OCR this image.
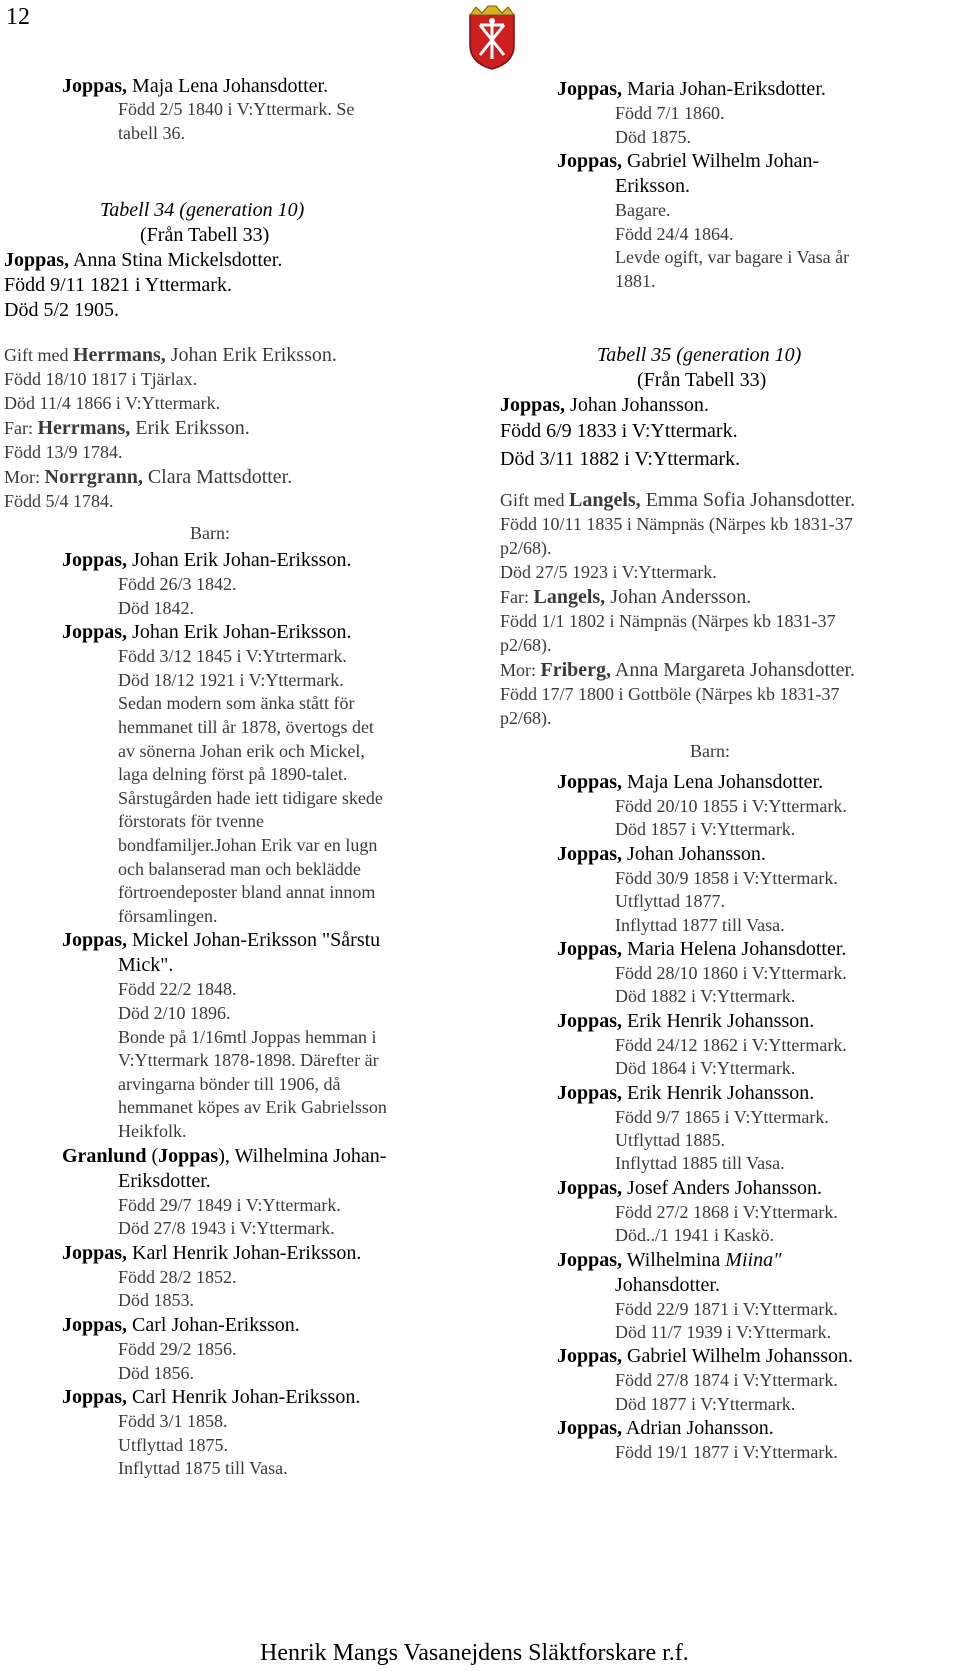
12
Joppas, Maja Lena Johansdotter.
Född 2/5 1840 i V:Yttermark. Se
tabell 36.
Tabell 34 (generation 10)
(Från Tabell 33)
Joppas, Anna Stina Mickelsdotter.
Född 9/11 1821 i Yttermark.
Död 5/2 1905.
Gift med Herrmans, Johan Erik Eriksson.
Född 18/10 1817 i Tjärlax.
Död 11/4 1866 i V:Yttermark.
Far: Herrmans, Erik Eriksson.
Född 13/9 1784.
Mor: Norrgrann, Clara Mattsdotter.
Född 5/4 1784.
Barn:
Joppas, Johan Erik Johan-Eriksson.
Född 26/3 1842.
Död 1842.
Joppas, Johan Erik Johan-Eriksson.
Född 3/12 1845 i V:Ytrtermark.
Död 18/12 1921 i V:Yttermark.
Sedan modern som änka stått för
hemmanet till år 1878, övertogs det
av sönerna Johan erik och Mickel,
laga delning först på 1890-talet.
Sårstugården hade iett tidigare skede
förstorats för tvenne
bondfamiljer.Johan Erik var en lugn
och balanserad man och beklädde
förtroendeposter bland annat innom
församlingen.
Joppas, Mickel Johan-Eriksson "Sårstu
Mick".
Född 22/2 1848.
Död 2/10 1896.
Bonde på 1/16mtl Joppas hemman i
V:Yttermark 1878-1898. Därefter är
arvingarna bönder till 1906, då
hemmanet köpes av Erik Gabrielsson
Heikfolk.
Granlund (Joppas), Wilhelmina Johan-
Eriksdotter.
Född 29/7 1849 i V:Yttermark.
Död 27/8 1943 i V:Yttermark.
Joppas, Karl Henrik Johan-Eriksson.
Född 28/2 1852.
Död 1853.
Joppas, Carl Johan-Eriksson.
Född 29/2 1856.
Död 1856.
Joppas, Carl Henrik Johan-Eriksson.
Född 3/1 1858.
Utflyttad 1875.
Inflyttad 1875 till Vasa.
Joppas, Maria Johan-Eriksdotter.
Född 7/1 1860.
Död 1875.
Joppas, Gabriel Wilhelm Johan-
Eriksson.
Bagare.
Född 24/4 1864.
Levde ogift, var bagare i Vasa år
1881.
Tabell 35 (generation 10)
(Från Tabell 33)
Joppas, Johan Johansson.
Född 6/9 1833 i V:Yttermark.
Död 3/11 1882 i V:Yttermark.
Gift med Langels, Emma Sofia Johansdotter.
Född 10/11 1835 i Nämpnäs (Närpes kb 1831-37
p2/68).
Död 27/5 1923 i V:Yttermark.
Far: Langels, Johan Andersson.
Född 1/1 1802 i Nämpnäs (Närpes kb 1831-37
p2/68).
Mor: Friberg, Anna Margareta Johansdotter.
Född 17/7 1800 i Gottböle (Närpes kb 1831-37
p2/68).
Barn:
Joppas, Maja Lena Johansdotter.
Född 20/10 1855 i V:Yttermark.
Död 1857 i V:Yttermark.
Joppas, Johan Johansson.
Född 30/9 1858 i V:Yttermark.
Utflyttad 1877.
Inflyttad 1877 till Vasa.
Joppas, Maria Helena Johansdotter.
Född 28/10 1860 i V:Yttermark.
Död 1882 i V:Yttermark.
Joppas, Erik Henrik Johansson.
Född 24/12 1862 i V:Yttermark.
Död 1864 i V:Yttermark.
Joppas, Erik Henrik Johansson.
Född 9/7 1865 i V:Yttermark.
Utflyttad 1885.
Inflyttad 1885 till Vasa.
Joppas, Josef Anders Johansson.
Född 27/2 1868 i V:Yttermark.
Död../1 1941 i Kaskö.
Joppas, Wilhelmina Miina"
Johansdotter.
Född 22/9 1871 i V:Yttermark.
Död 11/7 1939 i V:Yttermark.
Joppas, Gabriel Wilhelm Johansson.
Född 27/8 1874 i V:Yttermark.
Död 1877 i V:Yttermark.
Joppas, Adrian Johansson.
Född 19/1 1877 i V:Yttermark.
Henrik Mangs Vasanejdens Släktforskare r.f.
